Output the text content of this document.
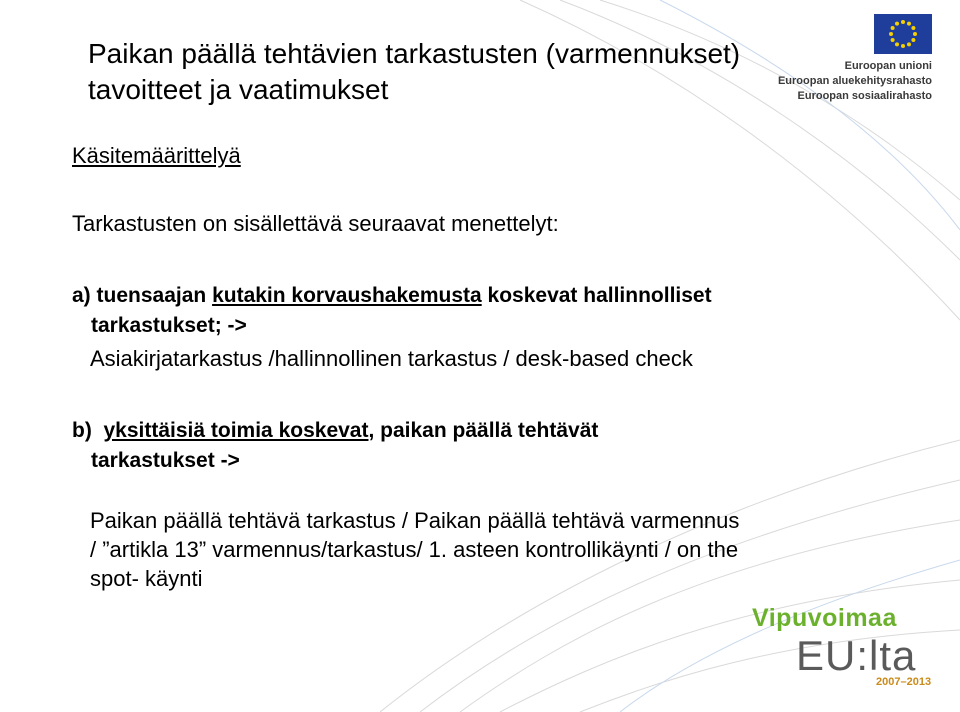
Paikan päällä tehtävien tarkastusten (varmennukset)
tavoitteet ja vaatimukset
Käsitemäärittelyä
Tarkastusten on sisällettävä seuraavat menettelyt:
a) tuensaajan kutakin korvaushakemusta koskevat hallinnolliset
tarkastukset; ->
Asiakirjatarkastus /hallinnollinen tarkastus / desk-based check
b)  yksittäisiä toimia koskevat, paikan päällä tehtävät
tarkastukset ->
Paikan päällä tehtävä tarkastus / Paikan päällä tehtävä varmennus
/ ”artikla 13” varmennus/tarkastus/ 1. asteen kontrollikäynti / on the
spot- käynti
Euroopan unioni
Euroopan aluekehitysrahasto
Euroopan sosiaalirahasto
Vipuvoimaa
EU:lta
2007–2013
